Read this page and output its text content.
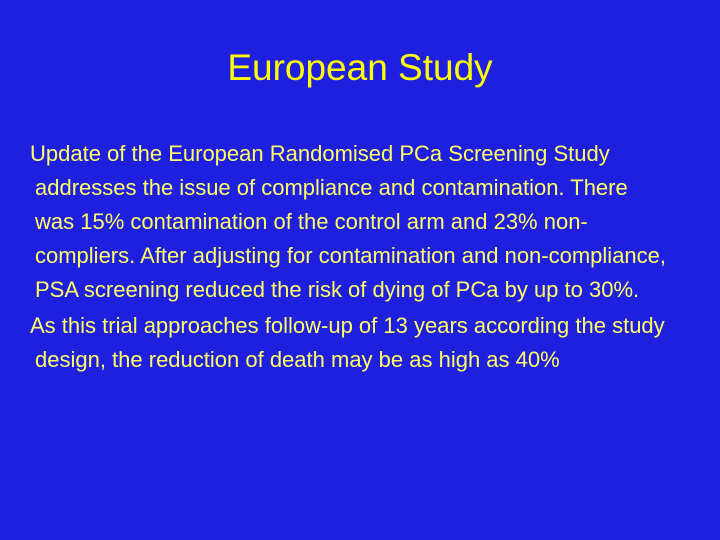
European Study

Update of the European Randomised PCa Screening Study addresses the issue of compliance and contamination. There was 15% contamination of the control arm and 23% non-compliers. After adjusting for contamination and non-compliance, PSA screening reduced the risk of dying of PCa by up to 30%.

As this trial approaches follow-up of 13 years according the study design, the reduction of death may be as high as 40%
